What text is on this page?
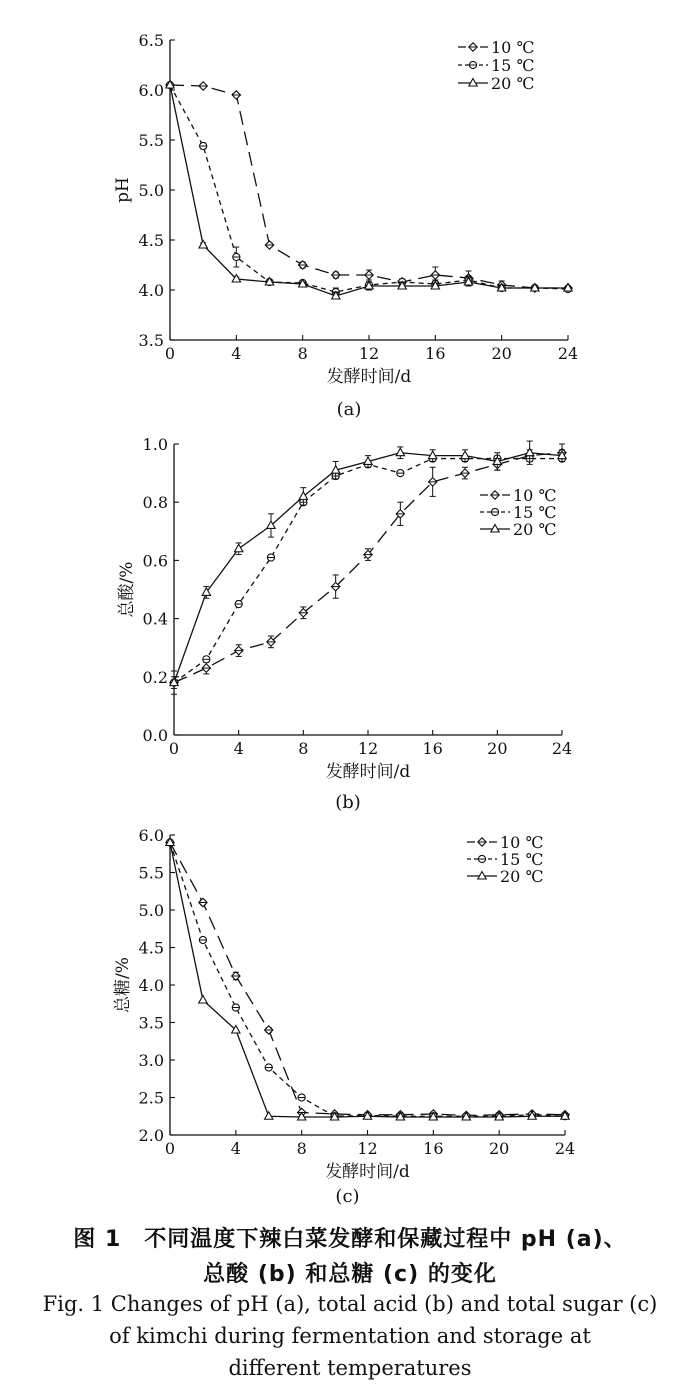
3.5
4.0
4.5
5.0
5.5
6.0
6.5
0	4	8	12	16	20	24
发酵时间/d
pH
(a)
10 ℃
15 ℃
20 ℃
0.0
0.2
0.4
0.6
0.8
1.0
0	4	8	12	16	20	24
发酵时间/d
总酸/%
(b)
10 ℃
15 ℃
20 ℃
2.0
2.5
3.0
3.5
4.0
4.5
5.0
5.5
6.0
0	4	8	12	16	20	24
发酵时间/d
总糖/%
(c)
10 ℃
15 ℃
20 ℃
图 1　不同温度下辣白菜发酵和保藏过程中 pH (a)、
总酸 (b) 和总糖 (c) 的变化
Fig. 1 Changes of pH (a), total acid (b) and total sugar (c)
of kimchi during fermentation and storage at
different temperatures
